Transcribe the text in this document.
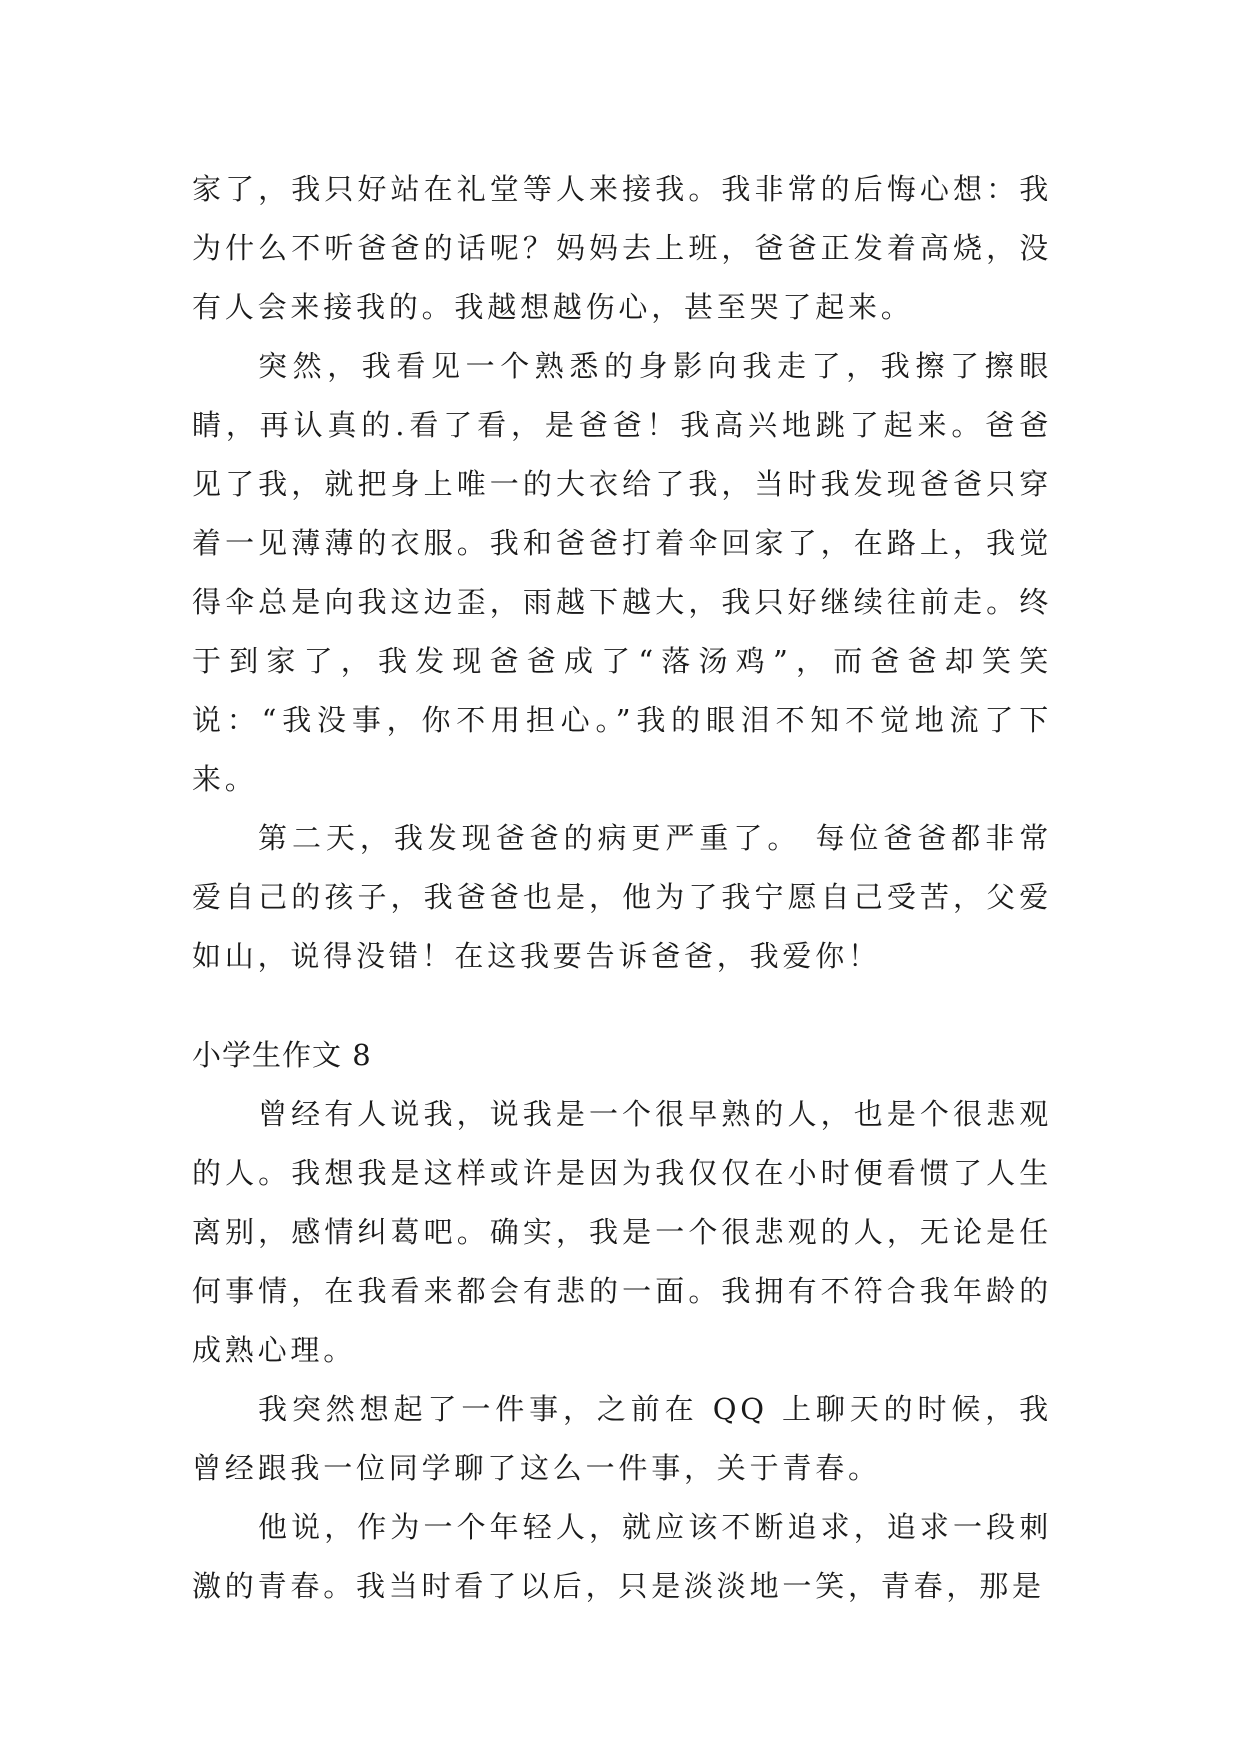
家了，我只好站在礼堂等人来接我。我非常的后悔心想：我为什么不听爸爸的话呢？妈妈去上班，爸爸正发着高烧，没有人会来接我的。我越想越伤心，甚至哭了起来。

突然，我看见一个熟悉的身影向我走了，我擦了擦眼睛，再认真的.看了看，是爸爸！我高兴地跳了起来。爸爸见了我，就把身上唯一的大衣给了我，当时我发现爸爸只穿着一见薄薄的衣服。我和爸爸打着伞回家了，在路上，我觉得伞总是向我这边歪，雨越下越大，我只好继续往前走。终于到家了，我发现爸爸成了“落汤鸡”，而爸爸却笑笑说：“我没事，你不用担心。”我的眼泪不知不觉地流了下来。

第二天，我发现爸爸的病更严重了。 每位爸爸都非常爱自己的孩子，我爸爸也是，他为了我宁愿自己受苦，父爱如山，说得没错！在这我要告诉爸爸，我爱你！

小学生作文 8

曾经有人说我，说我是一个很早熟的人，也是个很悲观的人。我想我是这样或许是因为我仅仅在小时便看惯了人生离别，感情纠葛吧。确实，我是一个很悲观的人，无论是任何事情，在我看来都会有悲的一面。我拥有不符合我年龄的成熟心理。

我突然想起了一件事，之前在 QQ 上聊天的时候，我曾经跟我一位同学聊了这么一件事，关于青春。

他说，作为一个年轻人，就应该不断追求，追求一段刺激的青春。我当时看了以后，只是淡淡地一笑，青春，那是
